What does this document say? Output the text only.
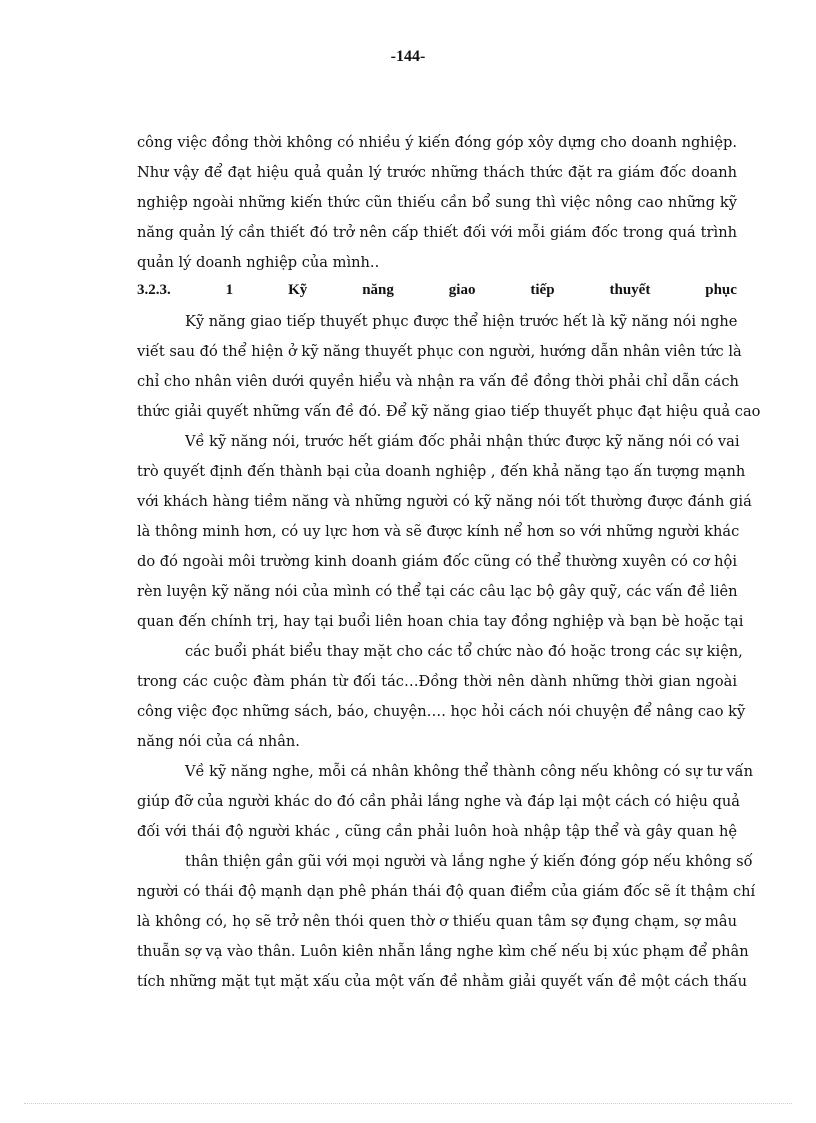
-144-
công việc đồng thời không có nhiều ý kiến đóng góp xôy dựng cho doanh nghiệp.
Như vậy để đạt hiệu quả quản lý trước những thách thức đặt ra giám đốc doanh
nghiệp ngoài những kiến thức cũn thiếu cần bổ sung thì việc nông cao những kỹ
năng quản lý cần thiết đó trở nên cấp thiết đối với mỗi giám đốc trong quá trình
quản lý doanh nghiệp của mình..
3.2.3.	1	Kỹ	năng	giao	tiếp	thuyết	phục
Kỹ năng giao tiếp thuyết phục được thể hiện trước hết là kỹ năng nói nghe
viết sau đó thể hiện ở kỹ năng thuyết phục con người, hướng dẫn nhân viên tức là
chỉ cho nhân viên dưới quyền hiểu và nhận ra vấn đề đồng thời phải chỉ dẫn cách
thức giải quyết những vấn đề đó. Để kỹ năng giao tiếp thuyết phục đạt hiệu quả cao
Về kỹ năng nói, trước hết giám đốc phải nhận thức được kỹ năng nói có vai
trò quyết định đến thành bại của doanh nghiệp , đến khả năng tạo ấn tượng mạnh
với khách hàng tiềm năng và những người có kỹ năng nói tốt thường được đánh giá
là thông minh hơn, có uy lực hơn và sẽ được kính nể hơn so với những người khác
do đó ngoài môi trường kinh doanh giám đốc cũng có thể thường xuyên có cơ hội
rèn luyện kỹ năng nói của mình có thể tại các câu lạc bộ gây quỹ, các vấn đề liên
quan đến chính trị, hay tại buổi liên hoan chia tay đồng nghiệp và bạn bè hoặc tại
các buổi phát biểu thay mặt cho các tổ chức nào đó hoặc trong các sự kiện,
trong các cuộc đàm phán từ đối tác…Đồng thời nên dành những thời gian ngoài
công việc đọc những sách, báo, chuyện…. học hỏi cách nói chuyện để nâng cao kỹ
năng nói của cá nhân.
Về kỹ năng nghe, mỗi cá nhân không thể thành công nếu không có sự tư vấn
giúp đỡ của người khác do đó cần phải lắng nghe và đáp lại một cách có hiệu quả
đối với thái độ người khác , cũng cần phải luôn hoà nhập tập thể và gây quan hệ
thân thiện gần gũi với mọi người và lắng nghe ý kiến đóng góp nếu không số
người có thái độ mạnh dạn phê phán thái độ quan điểm của giám đốc sẽ ít thậm chí
là không có, họ sẽ trở nên thói quen thờ ơ thiếu quan tâm sợ đụng chạm, sợ mâu
thuẫn sợ vạ vào thân. Luôn kiên nhẫn lắng nghe kìm chế nếu bị xúc phạm để phân
tích những mặt tụt mặt xấu của một vấn đề nhằm giải quyết vấn đề một cách thấu
